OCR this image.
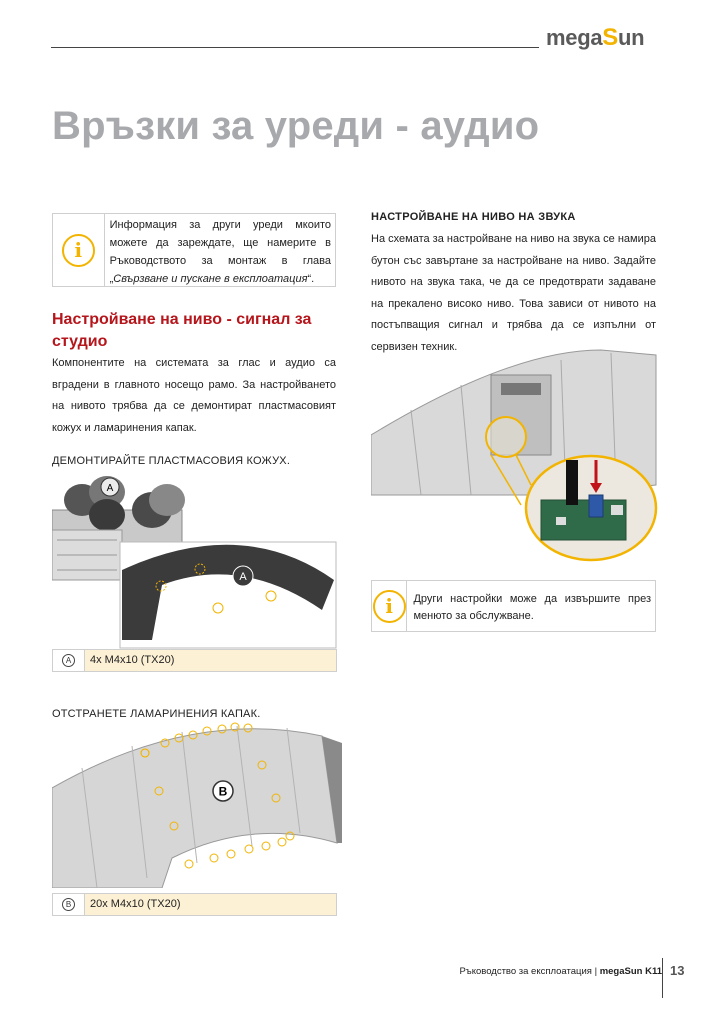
megaSun
Връзки за уреди - аудио
i
Информация за други уреди мкоито можете да зареждате, ще намерите в Ръководството за монтаж в глава „Свързване и пускане в експлоатация“.
Настройване на ниво - сигнал за студио

Компонентите на системата за глас и аудио са вградени в главното носещо рамо. За настройването на нивото трябва да се демонтират пластмасовият кожух и ламаринения капак.

ДЕМОНТИРАЙТЕ ПЛАСТМАСОВИЯ КОЖУХ.
A
A
A	4x M4x10 (TX20)
ОТСТРАНЕТЕ ЛАМАРИНЕНИЯ КАПАК.
B
B	20x M4x10 (TX20)
НАСТРОЙВАНЕ НА НИВО НА ЗВУКА

На схемата за настройване на ниво на звука се намира бутон със завъртане за настройване на ниво. Задайте нивото на звука така, че да се предотврати задаване на прекалено високо ниво. Това зависи от нивото на постъпващия сигнал и трябва да се изпълни от сервизен техник.

i	Други настройки може да извършите през менюто за обслужване.
Ръководство за експлоатация | megaSun K11 13
